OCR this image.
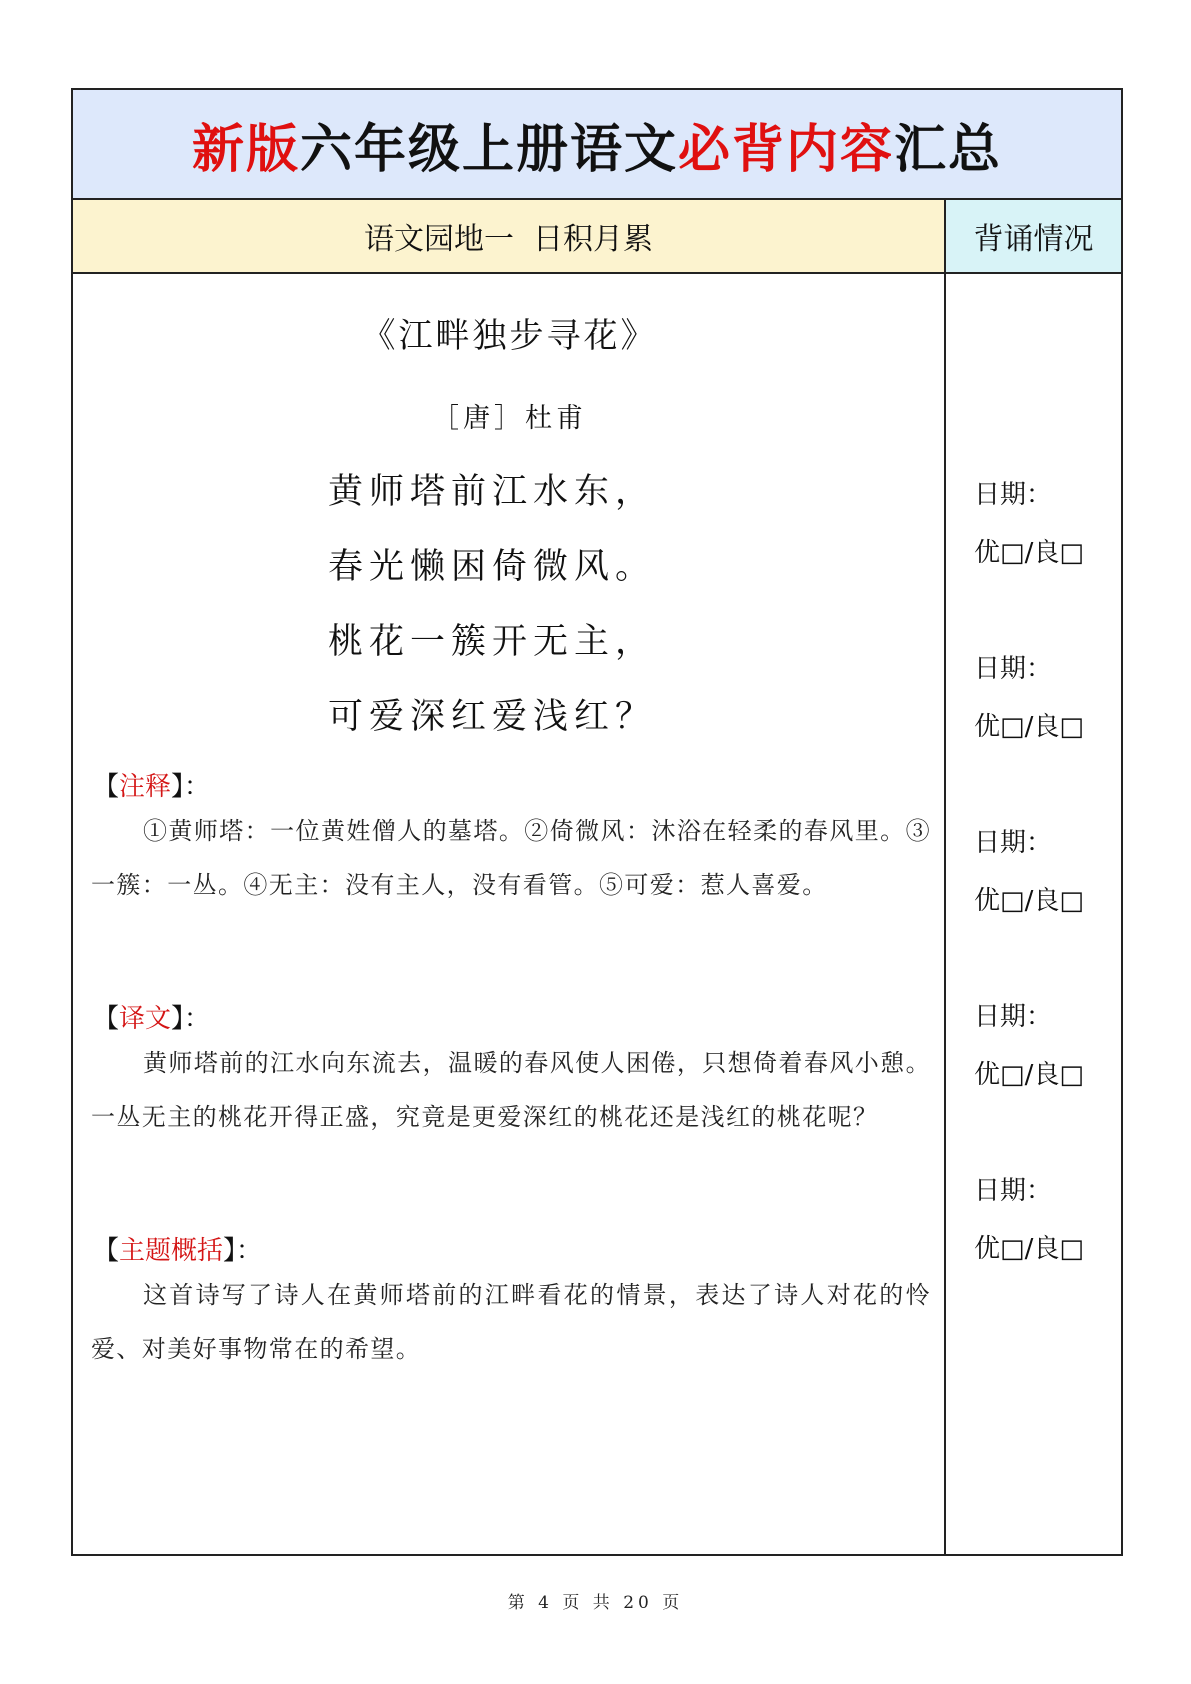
新版 六年级上册语文 必背内容 汇总
语文园地一  日积月累	背诵情况
《江畔独步寻花》
［唐］杜甫
黄师塔前江水东，
春光懒困倚微风。
桃花一簇开无主，
可爱深红爱浅红？
【注释】：
①黄师塔：一位黄姓僧人的墓塔。②倚微风：沐浴在轻柔的春风里。③一簇：一丛。④无主：没有主人，没有看管。⑤可爱：惹人喜爱。
【译文】：
黄师塔前的江水向东流去，温暖的春风使人困倦，只想倚着春风小憩。一丛无主的桃花开得正盛，究竟是更爱深红的桃花还是浅红的桃花呢？
【主题概括】：
这首诗写了诗人在黄师塔前的江畔看花的情景，表达了诗人对花的怜爱、对美好事物常在的希望。
日期：
优□/良□
日期：
优□/良□
日期：
优□/良□
日期：
优□/良□
日期：
优□/良□
第 4 页 共 20 页
